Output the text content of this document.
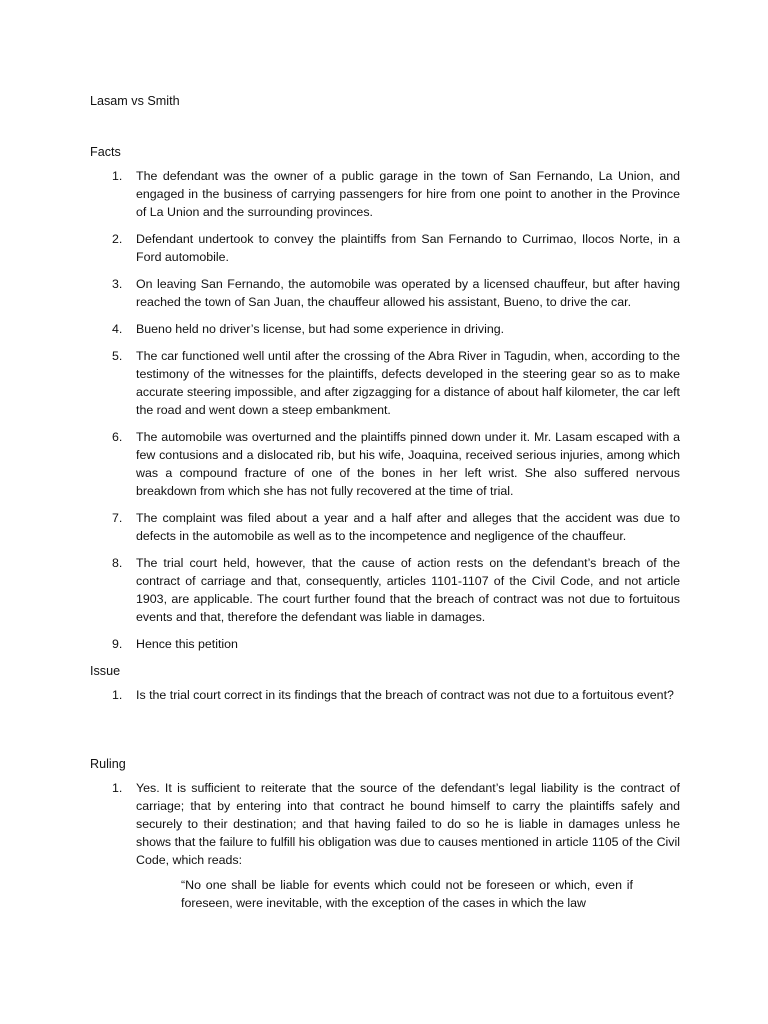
Lasam vs Smith
Facts
1. The defendant was the owner of a public garage in the town of San Fernando, La Union, and engaged in the business of carrying passengers for hire from one point to another in the Province of La Union and the surrounding provinces.
2. Defendant undertook to convey the plaintiffs from San Fernando to Currimao, Ilocos Norte, in a Ford automobile.
3. On leaving San Fernando, the automobile was operated by a licensed chauffeur, but after having reached the town of San Juan, the chauffeur allowed his assistant, Bueno, to drive the car.
4. Bueno held no driver’s license, but had some experience in driving.
5. The car functioned well until after the crossing of the Abra River in Tagudin, when, according to the testimony of the witnesses for the plaintiffs, defects developed in the steering gear so as to make accurate steering impossible, and after zigzagging for a distance of about half kilometer, the car left the road and went down a steep embankment.
6. The automobile was overturned and the plaintiffs pinned down under it. Mr. Lasam escaped with a few contusions and a dislocated rib, but his wife, Joaquina, received serious injuries, among which was a compound fracture of one of the bones in her left wrist. She also suffered nervous breakdown from which she has not fully recovered at the time of trial.
7. The complaint was filed about a year and a half after and alleges that the accident was due to defects in the automobile as well as to the incompetence and negligence of the chauffeur.
8. The trial court held, however, that the cause of action rests on the defendant’s breach of the contract of carriage and that, consequently, articles 1101-1107 of the Civil Code, and not article 1903, are applicable. The court further found that the breach of contract was not due to fortuitous events and that, therefore the defendant was liable in damages.
9. Hence this petition
Issue
1. Is the trial court correct in its findings that the breach of contract was not due to a fortuitous event?
Ruling
1. Yes. It is sufficient to reiterate that the source of the defendant’s legal liability is the contract of carriage; that by entering into that contract he bound himself to carry the plaintiffs safely and securely to their destination; and that having failed to do so he is liable in damages unless he shows that the failure to fulfill his obligation was due to causes mentioned in article 1105 of the Civil Code, which reads:
“No one shall be liable for events which could not be foreseen or which, even if foreseen, were inevitable, with the exception of the cases in which the law
